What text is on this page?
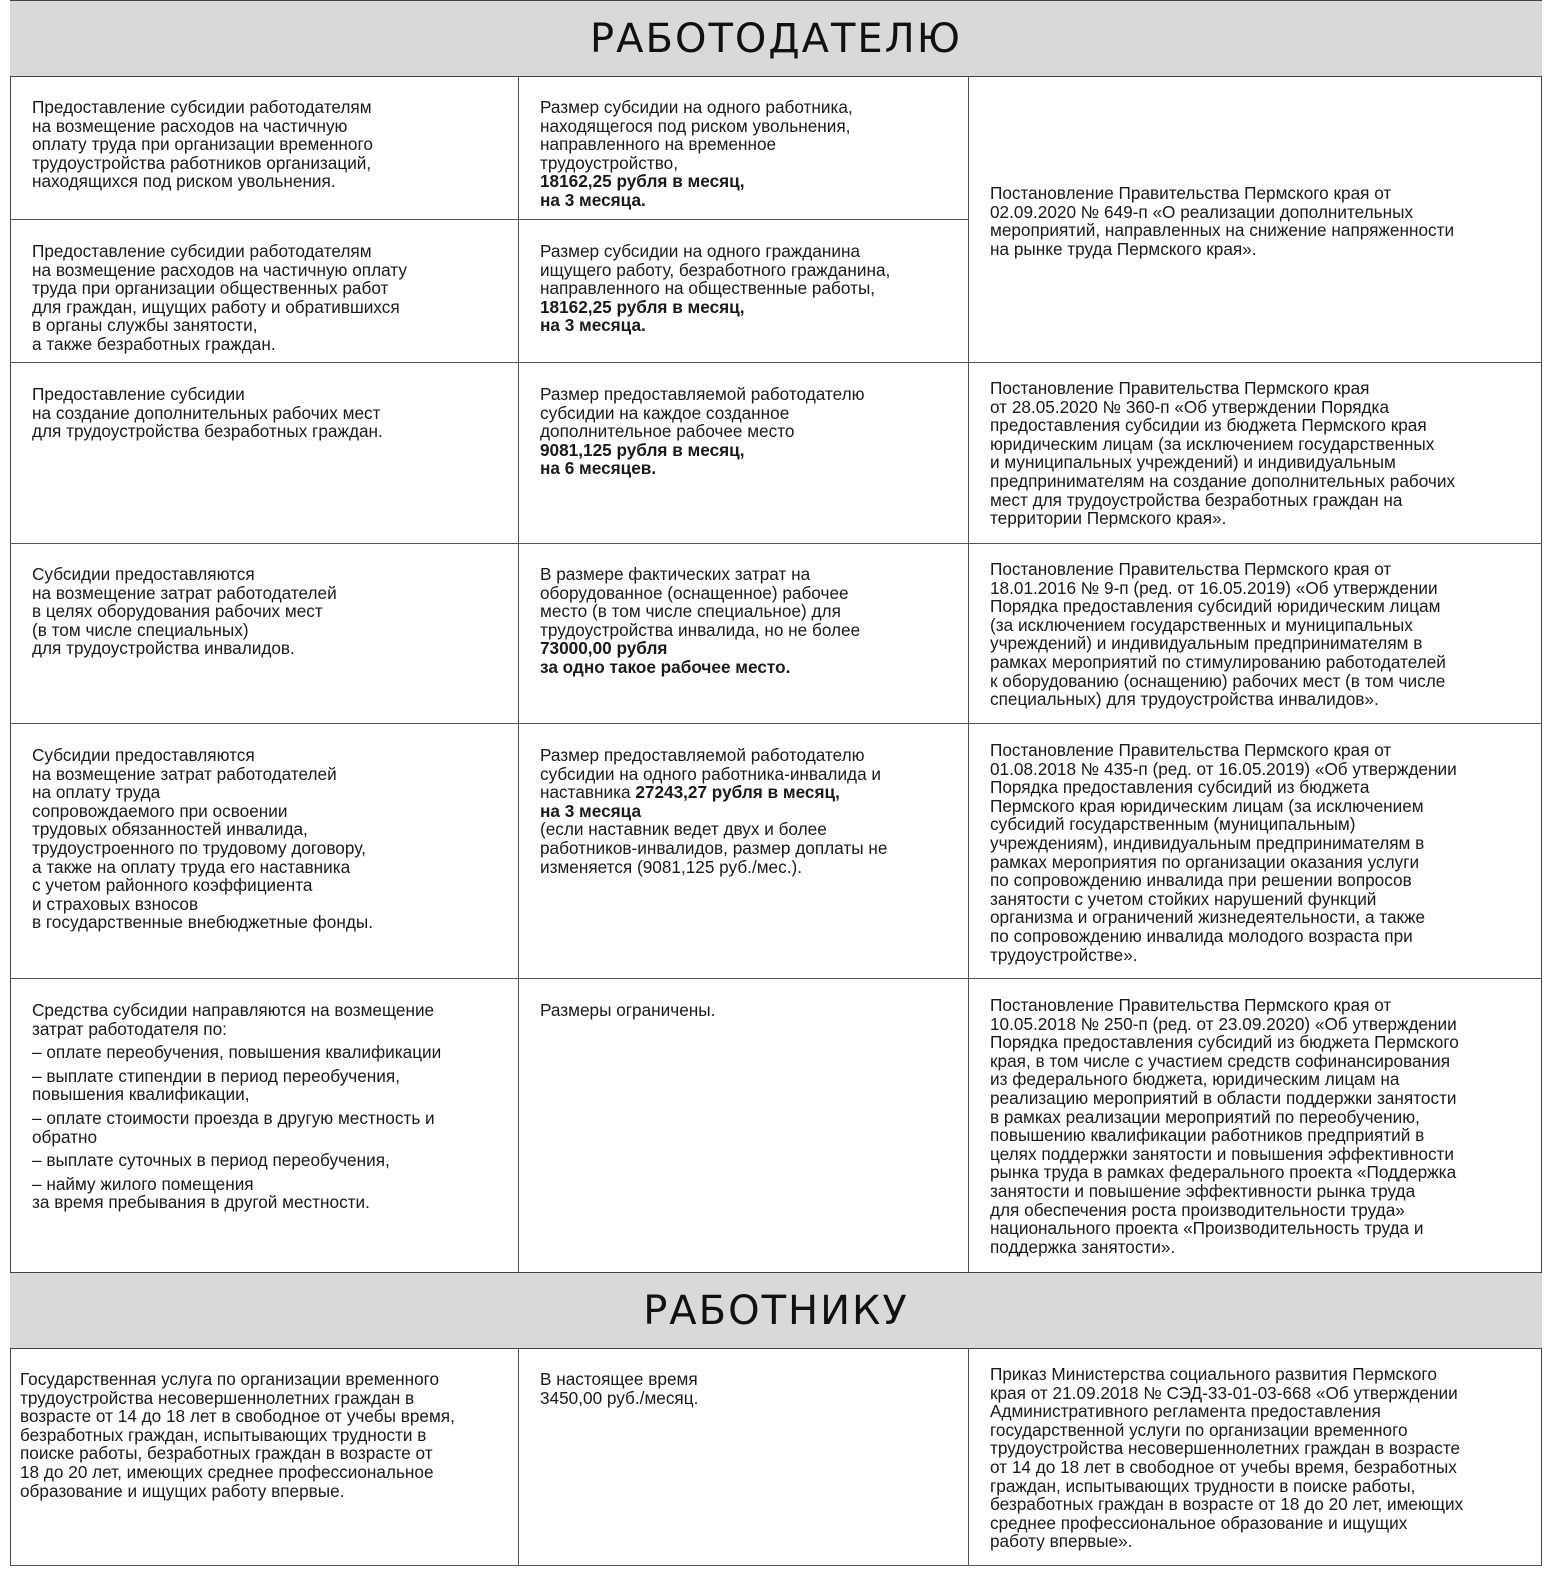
РАБОТОДАТЕЛЮ
РАБОТНИКУ
Предоставление субсидии работодателям
на возмещение расходов на частичную
оплату труда при организации временного
трудоустройства работников организаций,
находящихся под риском увольнения.
Размер субсидии на одного работника,
находящегося под риском увольнения,
направленного на временное
трудоустройство,
18162,25 рубля в месяц,
на 3 месяца.	Постановление Правительства Пермского края от
02.09.2020 № 649-п «О реализации дополнительных
мероприятий, направленных на снижение напряженности
на рынке труда Пермского края».
Предоставление субсидии работодателям
на возмещение расходов на частичную оплату
труда при организации общественных работ
для граждан, ищущих работу и обратившихся
в органы службы занятости,
а также безработных граждан.
Размер субсидии на одного гражданина
ищущего работу, безработного гражданина,
направленного на общественные работы,
18162,25 рубля в месяц,
на 3 месяца.
Предоставление субсидии
на создание дополнительных рабочих мест
для трудоустройства безработных граждан.
Размер предоставляемой работодателю
субсидии на каждое созданное
дополнительное рабочее место
9081,125 рубля в месяц,
на 6 месяцев.
Постановление Правительства Пермского края
от 28.05.2020 № 360-п «Об утверждении Порядка
предоставления субсидии из бюджета Пермского края
юридическим лицам (за исключением государственных
и муниципальных учреждений) и индивидуальным
предпринимателям на создание дополнительных рабочих
мест для трудоустройства безработных граждан на
территории Пермского края».
Субсидии предоставляются
на возмещение затрат работодателей
в целях оборудования рабочих мест
(в том числе специальных)
для трудоустройства инвалидов.
В размере фактических затрат на
оборудованное (оснащенное) рабочее
место (в том числе специальное) для
трудоустройства инвалида, но не более
73000,00 рубля
за одно такое рабочее место.
Постановление Правительства Пермского края от
18.01.2016 № 9-п (ред. от 16.05.2019) «Об утверждении
Порядка предоставления субсидий юридическим лицам
(за исключением государственных и муниципальных
учреждений) и индивидуальным предпринимателям в
рамках мероприятий по стимулированию работодателей
к оборудованию (оснащению) рабочих мест (в том числе
специальных) для трудоустройства инвалидов».
Субсидии предоставляются
на возмещение затрат работодателей
на оплату труда
сопровождаемого при освоении
трудовых обязанностей инвалида,
трудоустроенного по трудовому договору,
а также на оплату труда его наставника
с учетом районного коэффициента
и страховых взносов
в государственные внебюджетные фонды.
Размер предоставляемой работодателю
субсидии на одного работника-инвалида и
наставника 27243,27 рубля в месяц,
на 3 месяца
(если наставник ведет двух и более
работников-инвалидов, размер доплаты не
изменяется (9081,125 руб./мес.).
Постановление Правительства Пермского края от
01.08.2018 № 435-п (ред. от 16.05.2019) «Об утверждении
Порядка предоставления субсидий из бюджета
Пермского края юридическим лицам (за исключением
субсидий государственным (муниципальным)
учреждениям), индивидуальным предпринимателям в
рамках мероприятия по организации оказания услуги
по сопровождению инвалида при решении вопросов
занятости с учетом стойких нарушений функций
организма и ограничений жизнедеятельности, а также
по сопровождению инвалида молодого возраста при
трудоустройстве».
Средства субсидии направляются на возмещение
затрат работодателя по:
– оплате переобучения, повышения квалификации
– выплате стипендии в период переобучения,
повышения квалификации,
– оплате стоимости проезда в другую местность и
обратно
– выплате суточных в период переобучения,
– найму жилого помещения
за время пребывания в другой местности.
Размеры ограничены.	Постановление Правительства Пермского края от
10.05.2018 № 250-п (ред. от 23.09.2020) «Об утверждении
Порядка предоставления субсидий из бюджета Пермского
края, в том числе с участием средств софинансирования
из федерального бюджета, юридическим лицам на
реализацию мероприятий в области поддержки занятости
в рамках реализации мероприятий по переобучению,
повышению квалификации работников предприятий в
целях поддержки занятости и повышения эффективности
рынка труда в рамках федерального проекта «Поддержка
занятости и повышение эффективности рынка труда
для обеспечения роста производительности труда»
национального проекта «Производительность труда и
поддержка занятости».
Государственная услуга по организации временного
трудоустройства несовершеннолетних граждан в
возрасте от 14 до 18 лет в свободное от учебы время,
безработных граждан, испытывающих трудности в
поиске работы, безработных граждан в возрасте от
18 до 20 лет, имеющих среднее профессиональное
образование и ищущих работу впервые.
В настоящее время
3450,00 руб./месяц.
Приказ Министерства социального развития Пермского
края от 21.09.2018 № СЭД-33-01-03-668 «Об утверждении
Административного регламента предоставления
государственной услуги по организации временного
трудоустройства несовершеннолетних граждан в возрасте
от 14 до 18 лет в свободное от учебы время, безработных
граждан, испытывающих трудности в поиске работы,
безработных граждан в возрасте от 18 до 20 лет, имеющих
среднее профессиональное образование и ищущих
работу впервые».
